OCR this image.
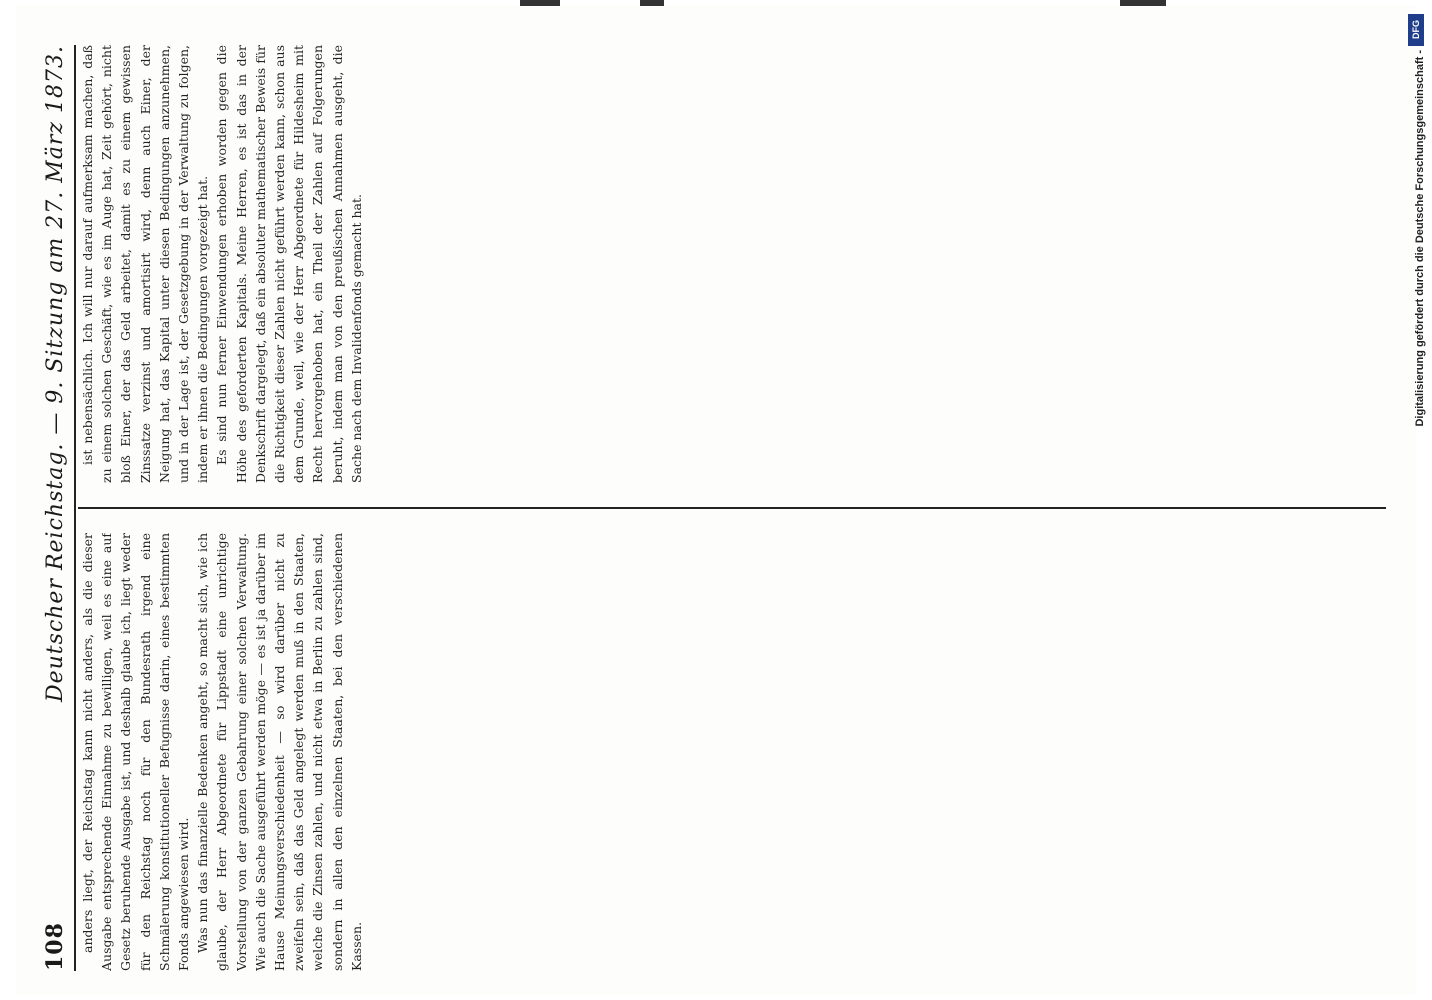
108
Deutscher Reichstag. — 9. Sitzung am 27. März 1873.

anders liegt, der Reichstag kann nicht anders, als die dieser Ausgabe entsprechende Einnahme zu bewilligen, weil es eine auf Gesetz beruhende Ausgabe ist, und deshalb glaube ich, liegt weder für den Reichstag noch für den Bundesrath irgend eine Schmälerung konstitutioneller Befugnisse darin, eines bestimmten Fonds angewiesen wird. Was nun das finanzielle Bedenken angeht, so macht sich, wie ich glaube, der Herr Abgeordnete für Lippstadt eine unrichtige Vorstellung von der ganzen Gebahrung einer solchen Verwaltung. Wie auch die Sache ausgeführt werden möge — es ist ja darüber im Hause Meinungsverschiedenheit — so wird darüber nicht zu zweifeln sein, daß das Geld angelegt werden muß in den Staaten, welche die Zinsen zahlen, und nicht etwa in Berlin zu zahlen sind, sondern in allen den einzelnen Staaten, bei den verschiedenen Kassen.

ist nebensächlich. Ich will nur darauf aufmerksam machen, daß zu einem solchen Geschäft, wie es im Auge hat, Zeit gehört, nicht bloß Einer, der das Geld arbeitet, damit es zu einem gewissen Zinssatze verzinst und amortisirt wird, denn auch Einer, der Neigung hat, das Kapital unter diesen Bedingungen anzunehmen, und in der Lage ist, der Gesetzgebung in der Verwaltung zu folgen, indem er ihnen die Bedingungen vorgezeigt hat. Es sind nun ferner Einwendungen erhoben worden gegen die Höhe des geforderten Kapitals. Meine Herren, es ist das in der Denkschrift dargelegt, daß ein absoluter mathematischer Beweis für die Richtigkeit dieser Zahlen nicht geführt werden kann, schon aus dem Grunde, weil, wie der Herr Abgeordnete für Hildesheim mit Recht hervorgehoben hat, ein Theil der Zahlen auf Folgerungen beruht, indem man von den preußischen Annahmen ausgeht, die Sache nach dem Invalidenfonds gemacht hat.

DFG
Digitalisierung gefördert durch die Deutsche Forschungsgemeinschaft -
